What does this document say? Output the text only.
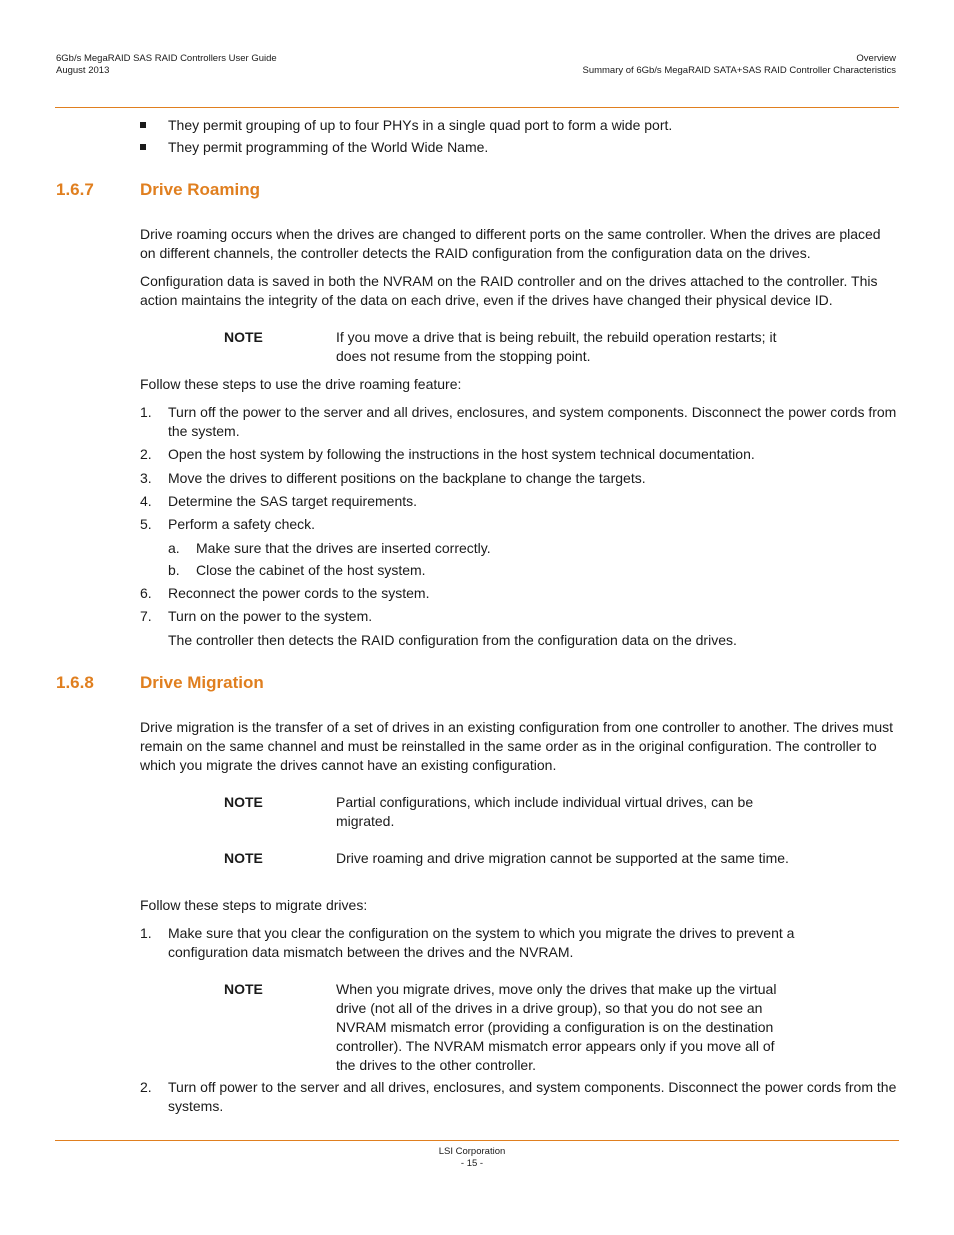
6Gb/s MegaRAID SAS RAID Controllers User Guide
August 2013
Overview
Summary of 6Gb/s MegaRAID SATA+SAS RAID Controller Characteristics
They permit grouping of up to four PHYs in a single quad port to form a wide port.
They permit programming of the World Wide Name.
1.6.7	Drive Roaming
Drive roaming occurs when the drives are changed to different ports on the same controller. When the drives are placed on different channels, the controller detects the RAID configuration from the configuration data on the drives.
Configuration data is saved in both the NVRAM on the RAID controller and on the drives attached to the controller. This action maintains the integrity of the data on each drive, even if the drives have changed their physical device ID.
NOTE	If you move a drive that is being rebuilt, the rebuild operation restarts; it does not resume from the stopping point.
Follow these steps to use the drive roaming feature:
1. Turn off the power to the server and all drives, enclosures, and system components. Disconnect the power cords from the system.
2. Open the host system by following the instructions in the host system technical documentation.
3. Move the drives to different positions on the backplane to change the targets.
4. Determine the SAS target requirements.
5. Perform a safety check.
a. Make sure that the drives are inserted correctly.
b. Close the cabinet of the host system.
6. Reconnect the power cords to the system.
7. Turn on the power to the system.
The controller then detects the RAID configuration from the configuration data on the drives.
1.6.8	Drive Migration
Drive migration is the transfer of a set of drives in an existing configuration from one controller to another. The drives must remain on the same channel and must be reinstalled in the same order as in the original configuration. The controller to which you migrate the drives cannot have an existing configuration.
NOTE	Partial configurations, which include individual virtual drives, can be migrated.
NOTE	Drive roaming and drive migration cannot be supported at the same time.
Follow these steps to migrate drives:
1. Make sure that you clear the configuration on the system to which you migrate the drives to prevent a configuration data mismatch between the drives and the NVRAM.
NOTE	When you migrate drives, move only the drives that make up the virtual drive (not all of the drives in a drive group), so that you do not see an NVRAM mismatch error (providing a configuration is on the destination controller). The NVRAM mismatch error appears only if you move all of the drives to the other controller.
2. Turn off power to the server and all drives, enclosures, and system components. Disconnect the power cords from the systems.
LSI Corporation
- 15 -
